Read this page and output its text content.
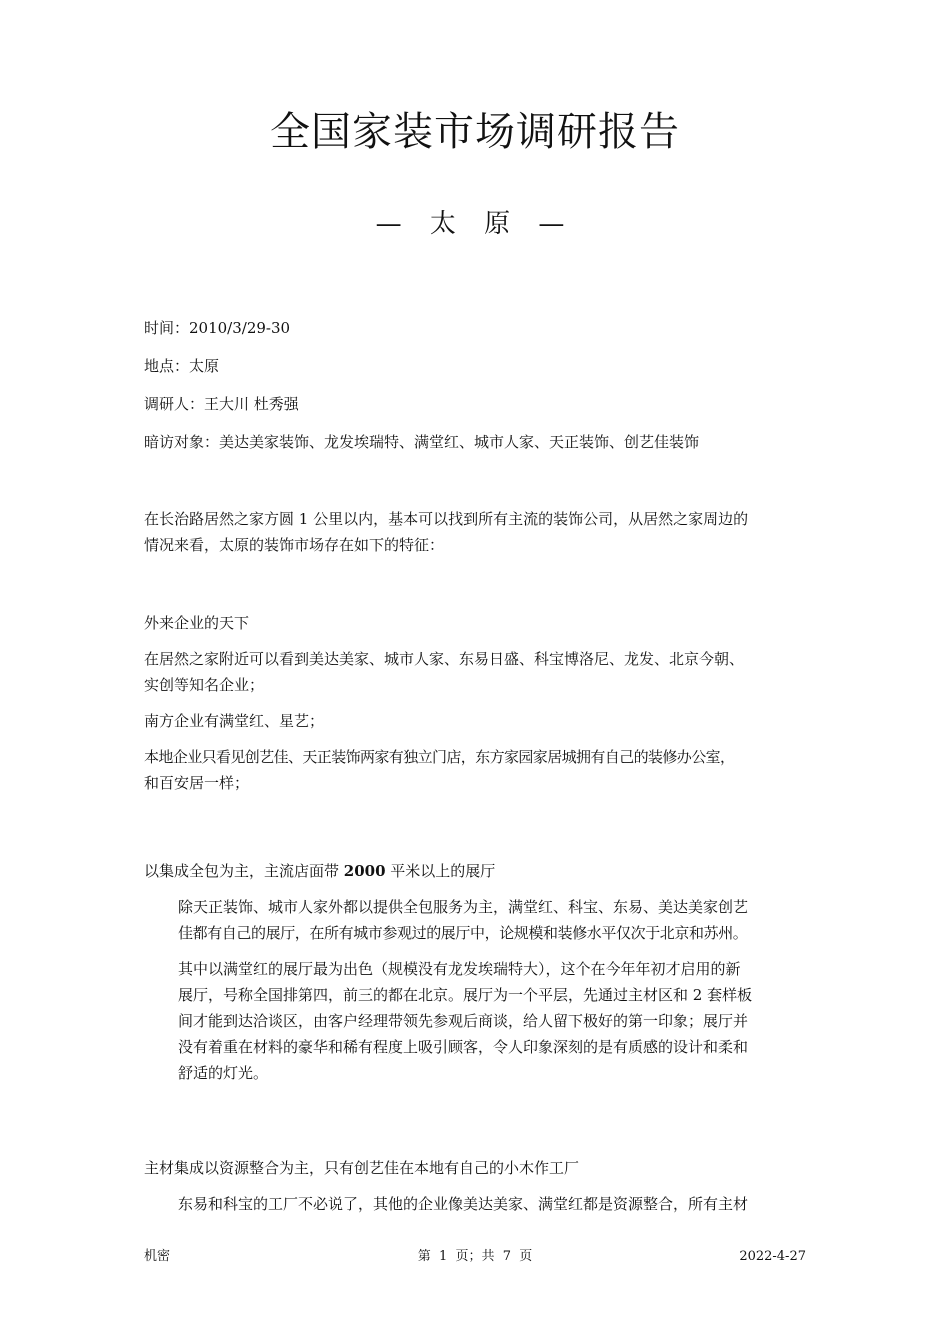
全国家装市场调研报告
— 太 原 —
时间：2010/3/29-30
地点：太原
调研人：王大川 杜秀强
暗访对象：美达美家装饰、龙发埃瑞特、满堂红、城市人家、天正装饰、创艺佳装饰
在长治路居然之家方圆 1 公里以内，基本可以找到所有主流的装饰公司，从居然之家周边的
情况来看，太原的装饰市场存在如下的特征：
外来企业的天下
在居然之家附近可以看到美达美家、城市人家、东易日盛、科宝博洛尼、龙发、北京今朝、
实创等知名企业；
南方企业有满堂红、星艺；
本地企业只看见创艺佳、天正装饰两家有独立门店，东方家园家居城拥有自己的装修办公室，
和百安居一样；
以集成全包为主，主流店面带 2000 平米以上的展厅
除天正装饰、城市人家外都以提供全包服务为主，满堂红、科宝、东易、美达美家创艺
佳都有自己的展厅，在所有城市参观过的展厅中，论规模和装修水平仅次于北京和苏州。
其中以满堂红的展厅最为出色（规模没有龙发埃瑞特大），这个在今年年初才启用的新
展厅，号称全国排第四，前三的都在北京。展厅为一个平层，先通过主材区和 2 套样板
间才能到达洽谈区，由客户经理带领先参观后商谈，给人留下极好的第一印象；展厅并
没有着重在材料的豪华和稀有程度上吸引顾客，令人印象深刻的是有质感的设计和柔和
舒适的灯光。
主材集成以资源整合为主，只有创艺佳在本地有自己的小木作工厂
东易和科宝的工厂不必说了，其他的企业像美达美家、满堂红都是资源整合，所有主材
机密	第  1  页；共  7  页	2022-4-27
